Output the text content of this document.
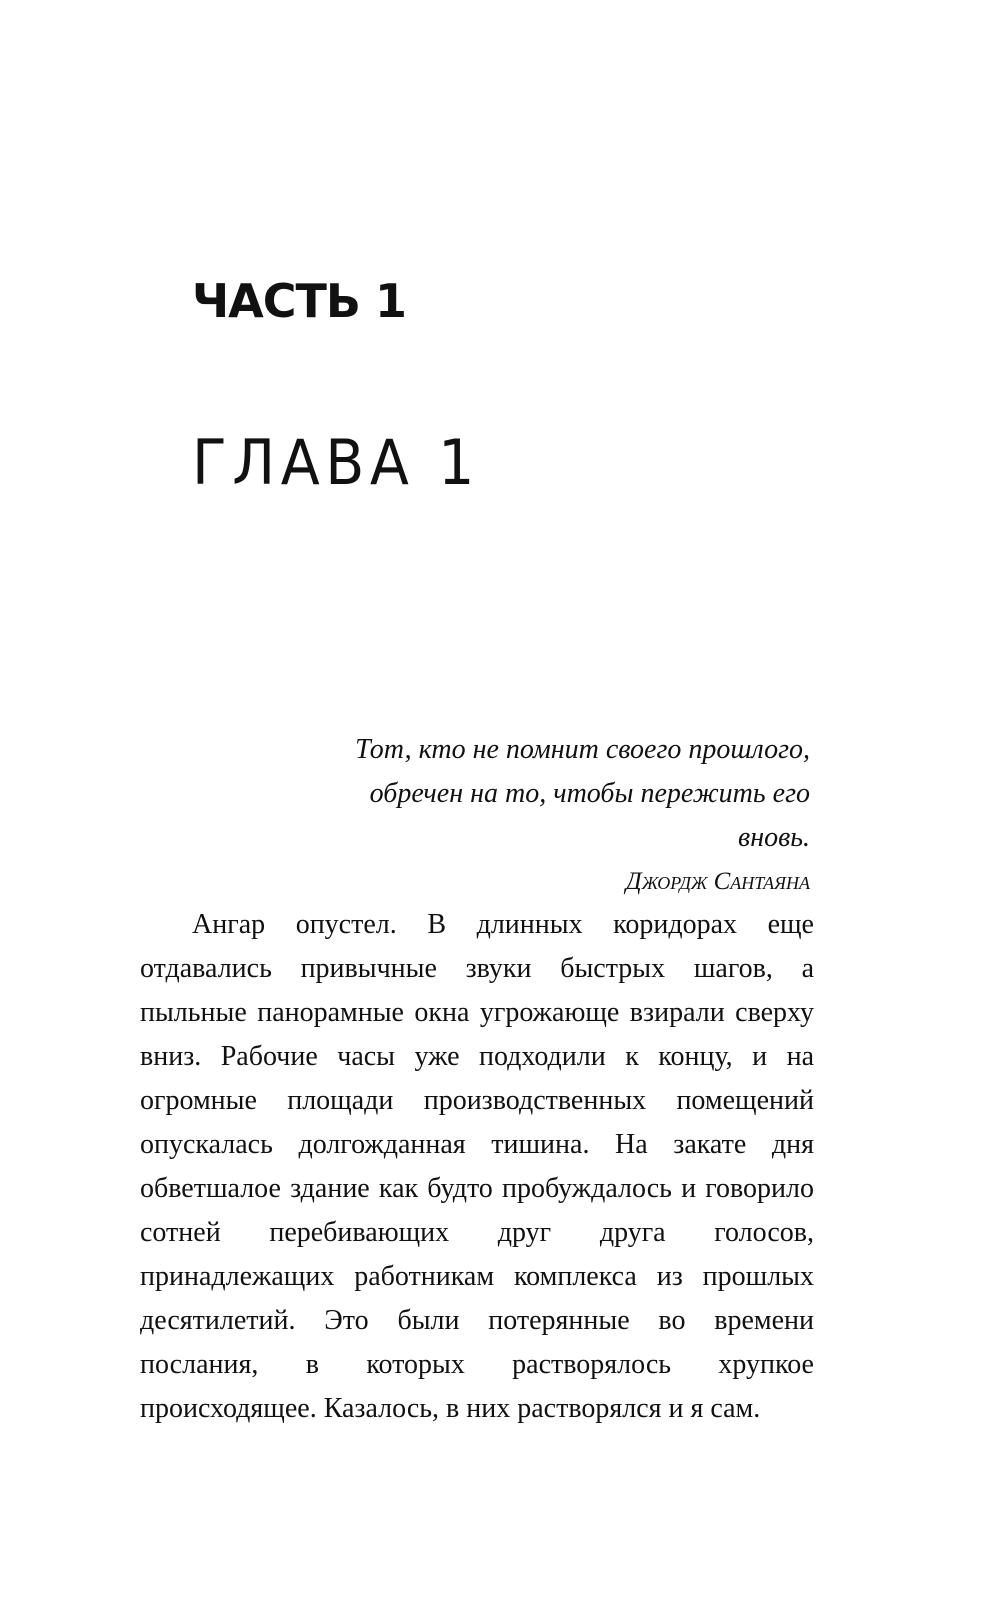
ЧАСТЬ 1
ГЛАВА 1
Тот, кто не помнит своего прошлого,
обречен на то, чтобы пережить его вновь.
Джордж Сантаяна

Ангар опустел. В длинных коридорах еще отдавались привычные звуки быстрых шагов, а пыльные панорамные окна угрожающе взирали сверху вниз. Рабочие часы уже подходили к концу, и на огромные площади производственных помещений опускалась долгожданная тишина. На закате дня обветшалое здание как будто пробуждалось и говорило сотней перебивающих друг друга голосов, принадлежащих работникам комплекса из прошлых десятилетий. Это были потерянные во времени послания, в которых растворялось хрупкое происходящее. Казалось, в них растворялся и я сам.
